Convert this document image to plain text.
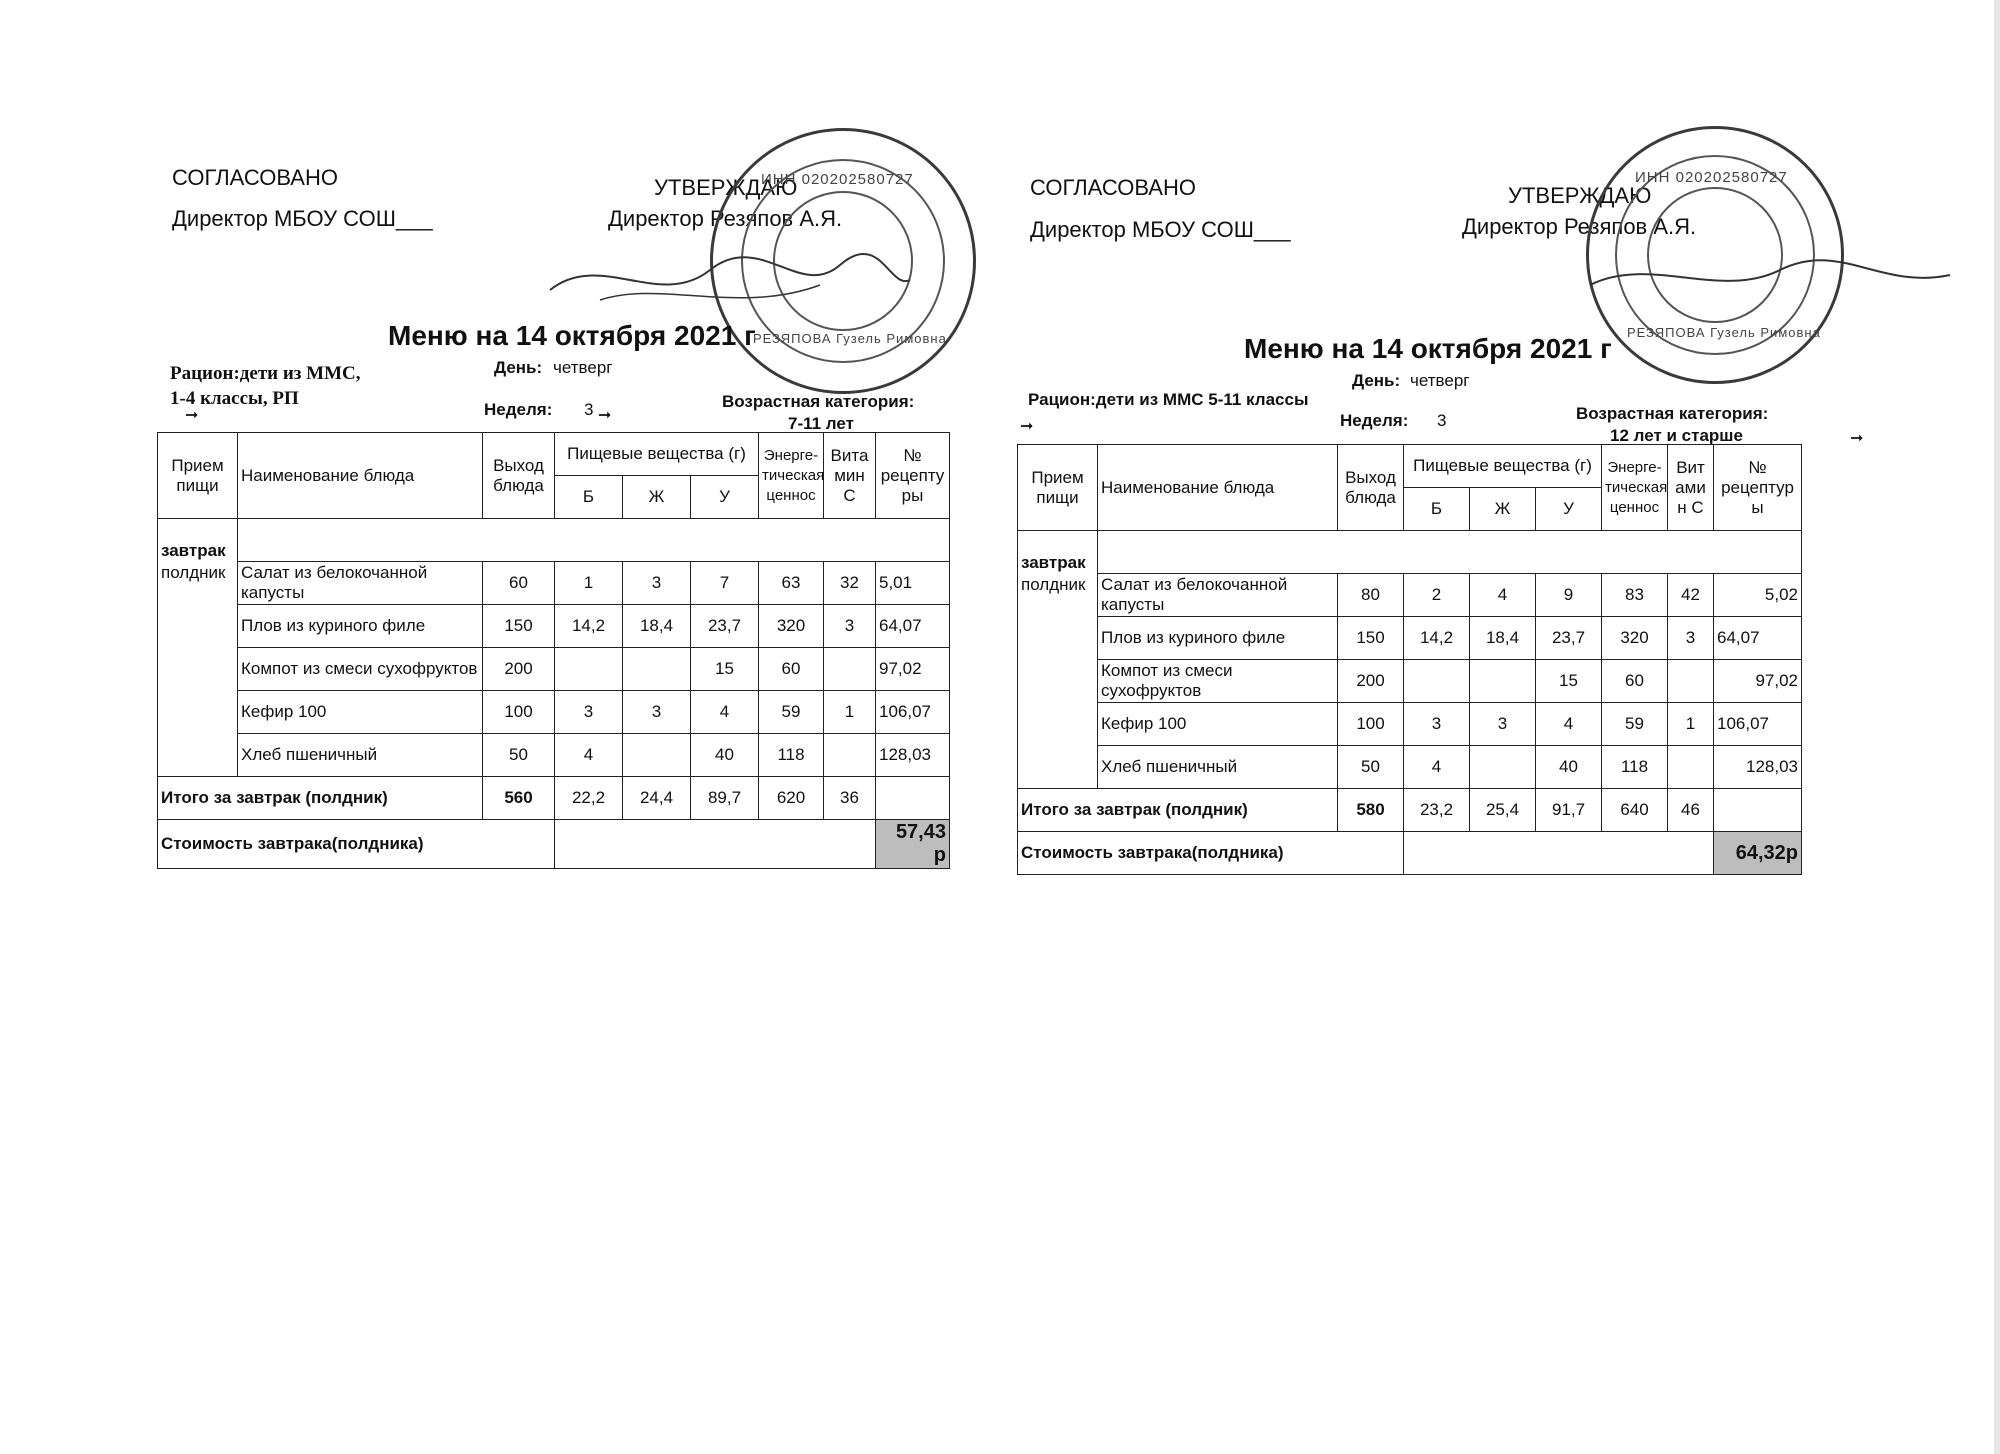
СОГЛАСОВАНО
Директор МБОУ СОШ___
УТВЕРЖДАЮ
Директор Резяпов А.Я.
ИНН 020202580727
РЕЗЯПОВА Гузель Римовна
Меню на 14 октября 2021 г
Рацион:дети из ММС,
1-4 классы, РП
День: четверг
Неделя: 3	Возрастная категория:
7-11 лет
➞	➞
Прием пищи	Наименование блюда	Выход блюда	Пищевые вещества (г)			Энерге-тическая ценнос	Вита мин С	№ рецепту ры
			Б	Ж	У			
завтрак								
полдник	Салат из белокочанной капусты	60	1	3	7	63	32	5,01
	Плов из куриного филе	150	14,2	18,4	23,7	320	3	64,07
	Компот из смеси сухофруктов	200			15	60		97,02
	Кефир 100	100	3	3	4	59	1	106,07
	Хлеб пшеничный	50	4		40	118		128,03
Итого за завтрак (полдник)		560	22,2	24,4	89,7	620	36	
Стоимость завтрака(полдника)								57,43 р
СОГЛАСОВАНО
Директор МБОУ СОШ___
УТВЕРЖДАЮ
Директор Резяпов А.Я.
ИНН 020202580727
РЕЗЯПОВА Гузель Римовна
Меню на 14 октября 2021 г
Рацион:дети из ММС 5-11 классы
День: четверг
Неделя: 3	Возрастная категория:
12 лет и старше
➞
➞
Прием пищи	Наименование блюда	Выход блюда	Пищевые вещества (г)			Энерге-тическая ценнос	Вит ами н С	№ рецептур ы
			Б	Ж	У			
завтрак								
полдник	Салат из белокочанной капусты	80	2	4	9	83	42	5,02
	Плов из куриного филе	150	14,2	18,4	23,7	320	3	64,07
	Компот из смеси сухофруктов	200			15	60		97,02
	Кефир 100	100	3	3	4	59	1	106,07
	Хлеб пшеничный	50	4		40	118		128,03
Итого за завтрак (полдник)		580	23,2	25,4	91,7	640	46	
Стоимость завтрака(полдника)								64,32р
